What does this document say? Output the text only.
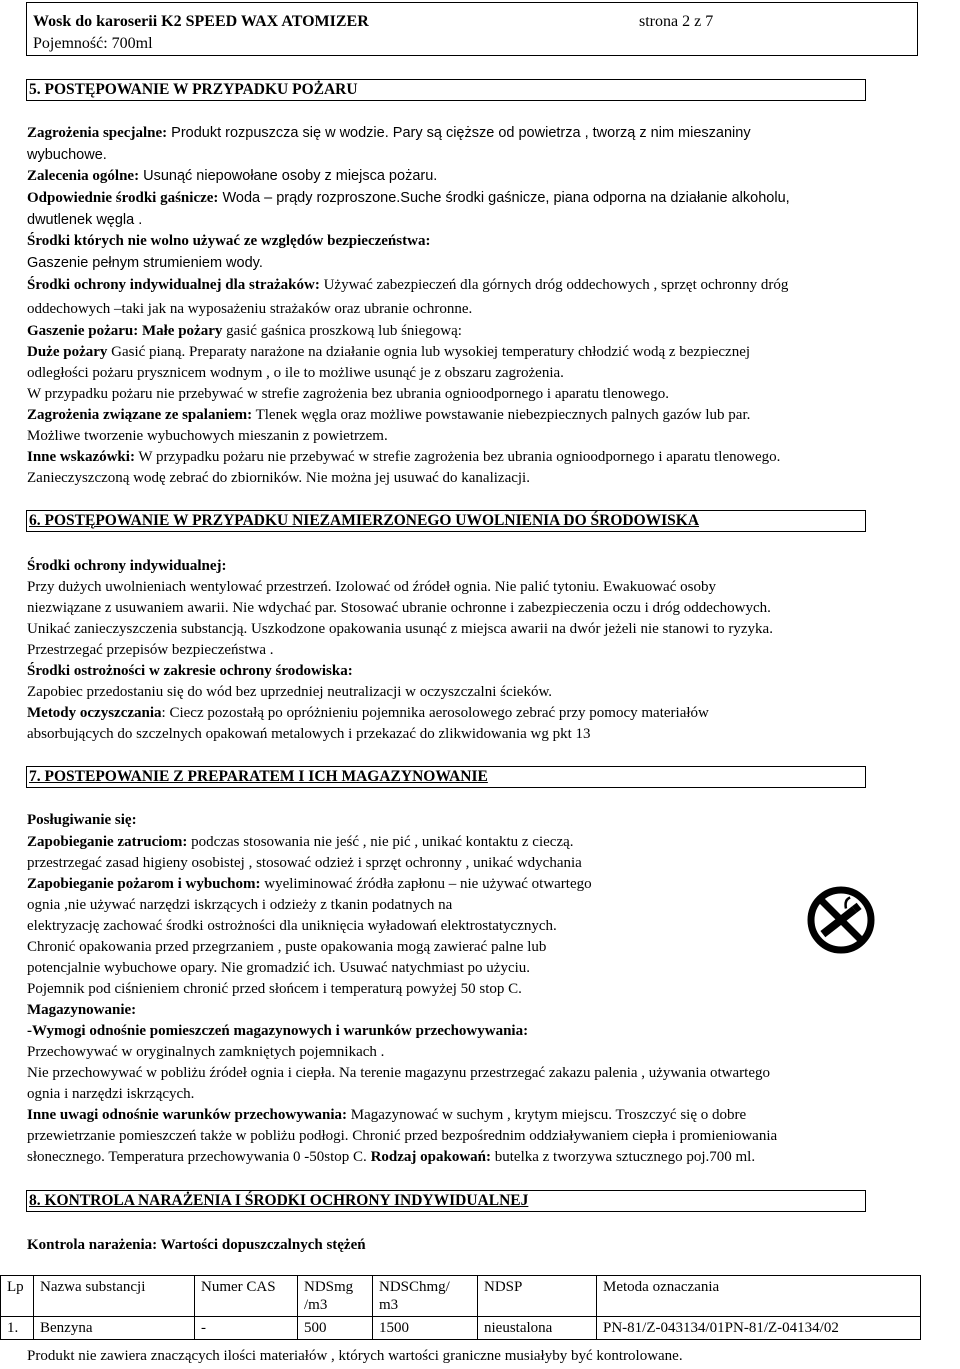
Wosk do karoserii K2 SPEED WAX ATOMIZER	strona 2 z 7
Pojemność: 700ml
5. POSTĘPOWANIE W PRZYPADKU POŻARU
Zagrożenia specjalne: Produkt rozpuszcza się w wodzie. Pary są cięższe od powietrza , tworzą z nim mieszaniny
wybuchowe.
Zalecenia ogólne: Usunąć niepowołane osoby z miejsca pożaru.
Odpowiednie środki gaśnicze: Woda – prądy rozproszone.Suche środki gaśnicze, piana odporna na działanie alkoholu,
dwutlenek węgla .
Środki których nie wolno używać ze względów bezpieczeństwa:
Gaszenie pełnym strumieniem wody.
Środki ochrony indywidualnej dla strażaków: Używać zabezpieczeń dla górnych dróg oddechowych , sprzęt ochronny dróg
oddechowych –taki jak na wyposażeniu strażaków oraz ubranie ochronne.
Gaszenie pożaru: Małe pożary gasić gaśnica proszkową lub śniegową:
Duże pożary Gasić pianą. Preparaty narażone na działanie ognia lub wysokiej temperatury chłodzić wodą z bezpiecznej
odległości pożaru prysznicem wodnym , o ile to możliwe usunąć je z obszaru zagrożenia.
W przypadku pożaru nie przebywać w strefie zagrożenia bez ubrania ognioodpornego i aparatu tlenowego.
Zagrożenia związane ze spalaniem: Tlenek węgla oraz możliwe powstawanie niebezpiecznych palnych gazów lub par.
Możliwe tworzenie wybuchowych mieszanin z powietrzem.
Inne wskazówki: W przypadku pożaru nie przebywać w strefie zagrożenia bez ubrania ognioodpornego i aparatu tlenowego.
Zanieczyszczoną wodę zebrać do zbiorników. Nie można jej usuwać do kanalizacji.
6. POSTĘPOWANIE W PRZYPADKU NIEZAMIERZONEGO UWOLNIENIA DO ŚRODOWISKA
Środki ochrony indywidualnej:
Przy dużych uwolnieniach wentylować przestrzeń. Izolować od źródeł ognia. Nie palić tytoniu. Ewakuować osoby
niezwiązane z usuwaniem awarii. Nie wdychać par. Stosować ubranie ochronne i zabezpieczenia oczu i dróg oddechowych.
Unikać zanieczyszczenia substancją. Uszkodzone opakowania usunąć z miejsca awarii na dwór jeżeli nie stanowi to ryzyka.
Przestrzegać przepisów bezpieczeństwa .
Środki ostrożności w zakresie ochrony środowiska:
Zapobiec przedostaniu się do wód bez uprzedniej neutralizacji w oczyszczalni ścieków.
Metody oczyszczania: Ciecz pozostałą po opróżnieniu pojemnika aerosolowego zebrać przy pomocy materiałów
absorbujących do szczelnych opakowań metalowych i przekazać do zlikwidowania wg pkt 13
7. POSTEPOWANIE Z PREPARATEM I ICH MAGAZYNOWANIE
Posługiwanie się:
Zapobieganie zatruciom: podczas stosowania nie jeść , nie pić , unikać kontaktu z cieczą.
przestrzegać zasad higieny osobistej , stosować odzież i sprzęt ochronny , unikać wdychania
Zapobieganie pożarom i wybuchom: wyeliminować źródła zapłonu – nie używać otwartego
ognia ,nie używać narzędzi iskrzących i odzieży z tkanin podatnych na
elektryzację zachować środki ostrożności dla uniknięcia wyładowań elektrostatycznych.
Chronić opakowania przed przegrzaniem , puste opakowania mogą zawierać palne lub
potencjalnie wybuchowe opary. Nie gromadzić ich. Usuwać natychmiast po użyciu.
Pojemnik pod ciśnieniem chronić przed słońcem i temperaturą powyżej 50 stop C.
Magazynowanie:
-Wymogi odnośnie pomieszczeń magazynowych i warunków przechowywania:
Przechowywać w oryginalnych zamkniętych pojemnikach .
Nie przechowywać w pobliżu źródeł ognia i ciepła. Na terenie magazynu przestrzegać zakazu palenia , używania otwartego
ognia i narzędzi iskrzących.
Inne uwagi odnośnie warunków przechowywania: Magazynować w suchym , krytym miejscu. Troszczyć się o dobre
przewietrzanie pomieszczeń także w pobliżu podłogi. Chronić przed bezpośrednim oddziaływaniem ciepła i promieniowania
słonecznego. Temperatura przechowywania 0 -50stop C. Rodzaj opakowań: butelka z tworzywa sztucznego poj.700 ml.
8. KONTROLA NARAŻENIA I ŚRODKI OCHRONY INDYWIDUALNEJ
Kontrola narażenia: Wartości dopuszczalnych stężeń
Lp	Nazwa substancji	Numer CAS	NDSmg /m3	NDSChmg/ m3	NDSP	Metoda oznaczania
1.	Benzyna	-	500	1500	nieustalona	PN-81/Z-043134/01PN-81/Z-04134/02
Produkt nie zawiera znaczących ilości materiałów , których wartości graniczne musiałyby być kontrolowane.
